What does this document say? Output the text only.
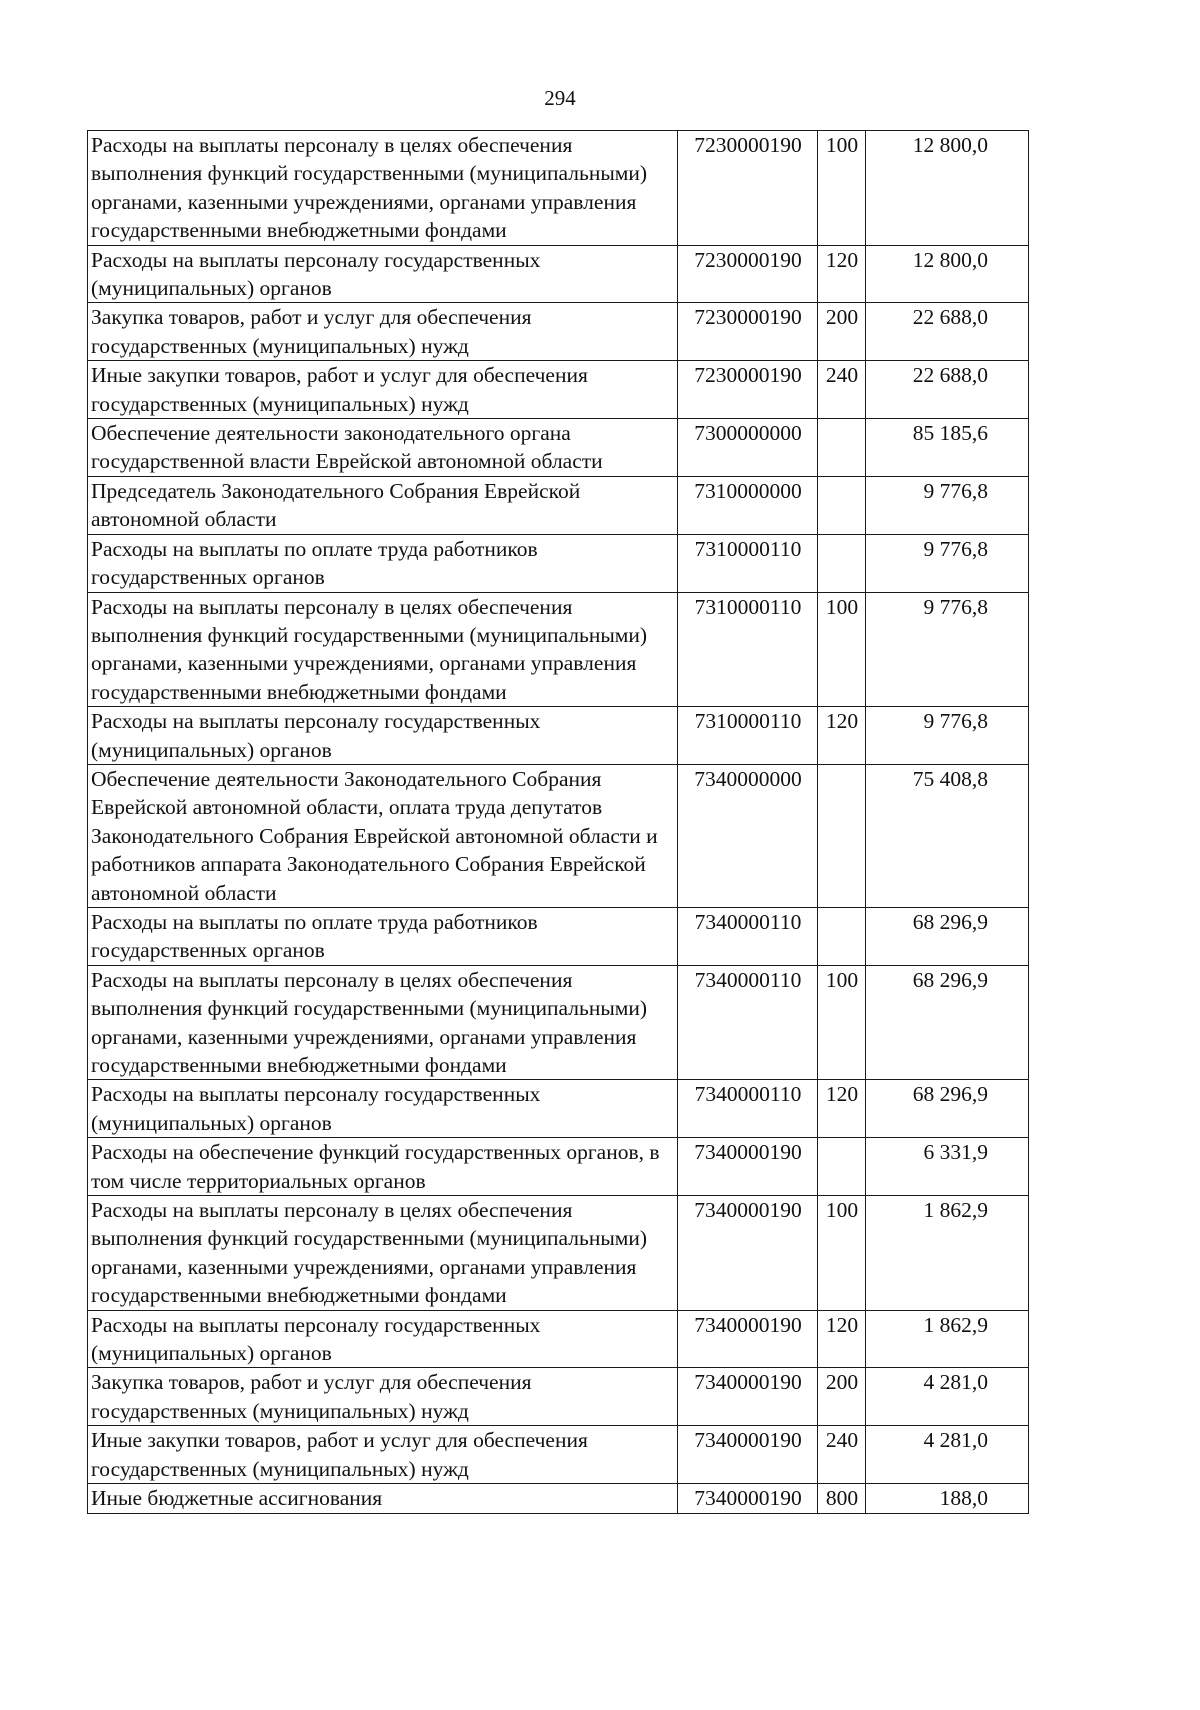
294
Расходы на выплаты персоналу в целях обеспечения выполнения функций государственными (муниципальными) органами, казенными учреждениями, органами управления государственными внебюджетными фондами	7230000190	100	12 800,0
Расходы на выплаты персоналу государственных (муниципальных) органов	7230000190	120	12 800,0
Закупка товаров, работ и услуг для обеспечения государственных (муниципальных) нужд	7230000190	200	22 688,0
Иные закупки товаров, работ и услуг для обеспечения государственных (муниципальных) нужд	7230000190	240	22 688,0
Обеспечение деятельности законодательного органа государственной власти Еврейской автономной области	7300000000		85 185,6
Председатель Законодательного Собрания Еврейской автономной области	7310000000		9 776,8
Расходы на выплаты по оплате труда работников государственных органов	7310000110		9 776,8
Расходы на выплаты персоналу в целях обеспечения выполнения функций государственными (муниципальными) органами, казенными учреждениями, органами управления государственными внебюджетными фондами	7310000110	100	9 776,8
Расходы на выплаты персоналу государственных (муниципальных) органов	7310000110	120	9 776,8
Обеспечение деятельности Законодательного Собрания Еврейской автономной области, оплата труда депутатов Законодательного Собрания Еврейской автономной области и работников аппарата Законодательного Собрания Еврейской автономной области	7340000000		75 408,8
Расходы на выплаты по оплате труда работников государственных органов	7340000110		68 296,9
Расходы на выплаты персоналу в целях обеспечения выполнения функций государственными (муниципальными) органами, казенными учреждениями, органами управления государственными внебюджетными фондами	7340000110	100	68 296,9
Расходы на выплаты персоналу государственных (муниципальных) органов	7340000110	120	68 296,9
Расходы на обеспечение функций государственных органов, в том числе территориальных органов	7340000190		6 331,9
Расходы на выплаты персоналу в целях обеспечения выполнения функций государственными (муниципальными) органами, казенными учреждениями, органами управления государственными внебюджетными фондами	7340000190	100	1 862,9
Расходы на выплаты персоналу государственных (муниципальных) органов	7340000190	120	1 862,9
Закупка товаров, работ и услуг для обеспечения государственных (муниципальных) нужд	7340000190	200	4 281,0
Иные закупки товаров, работ и услуг для обеспечения государственных (муниципальных) нужд	7340000190	240	4 281,0
Иные бюджетные ассигнования	7340000190	800	188,0
